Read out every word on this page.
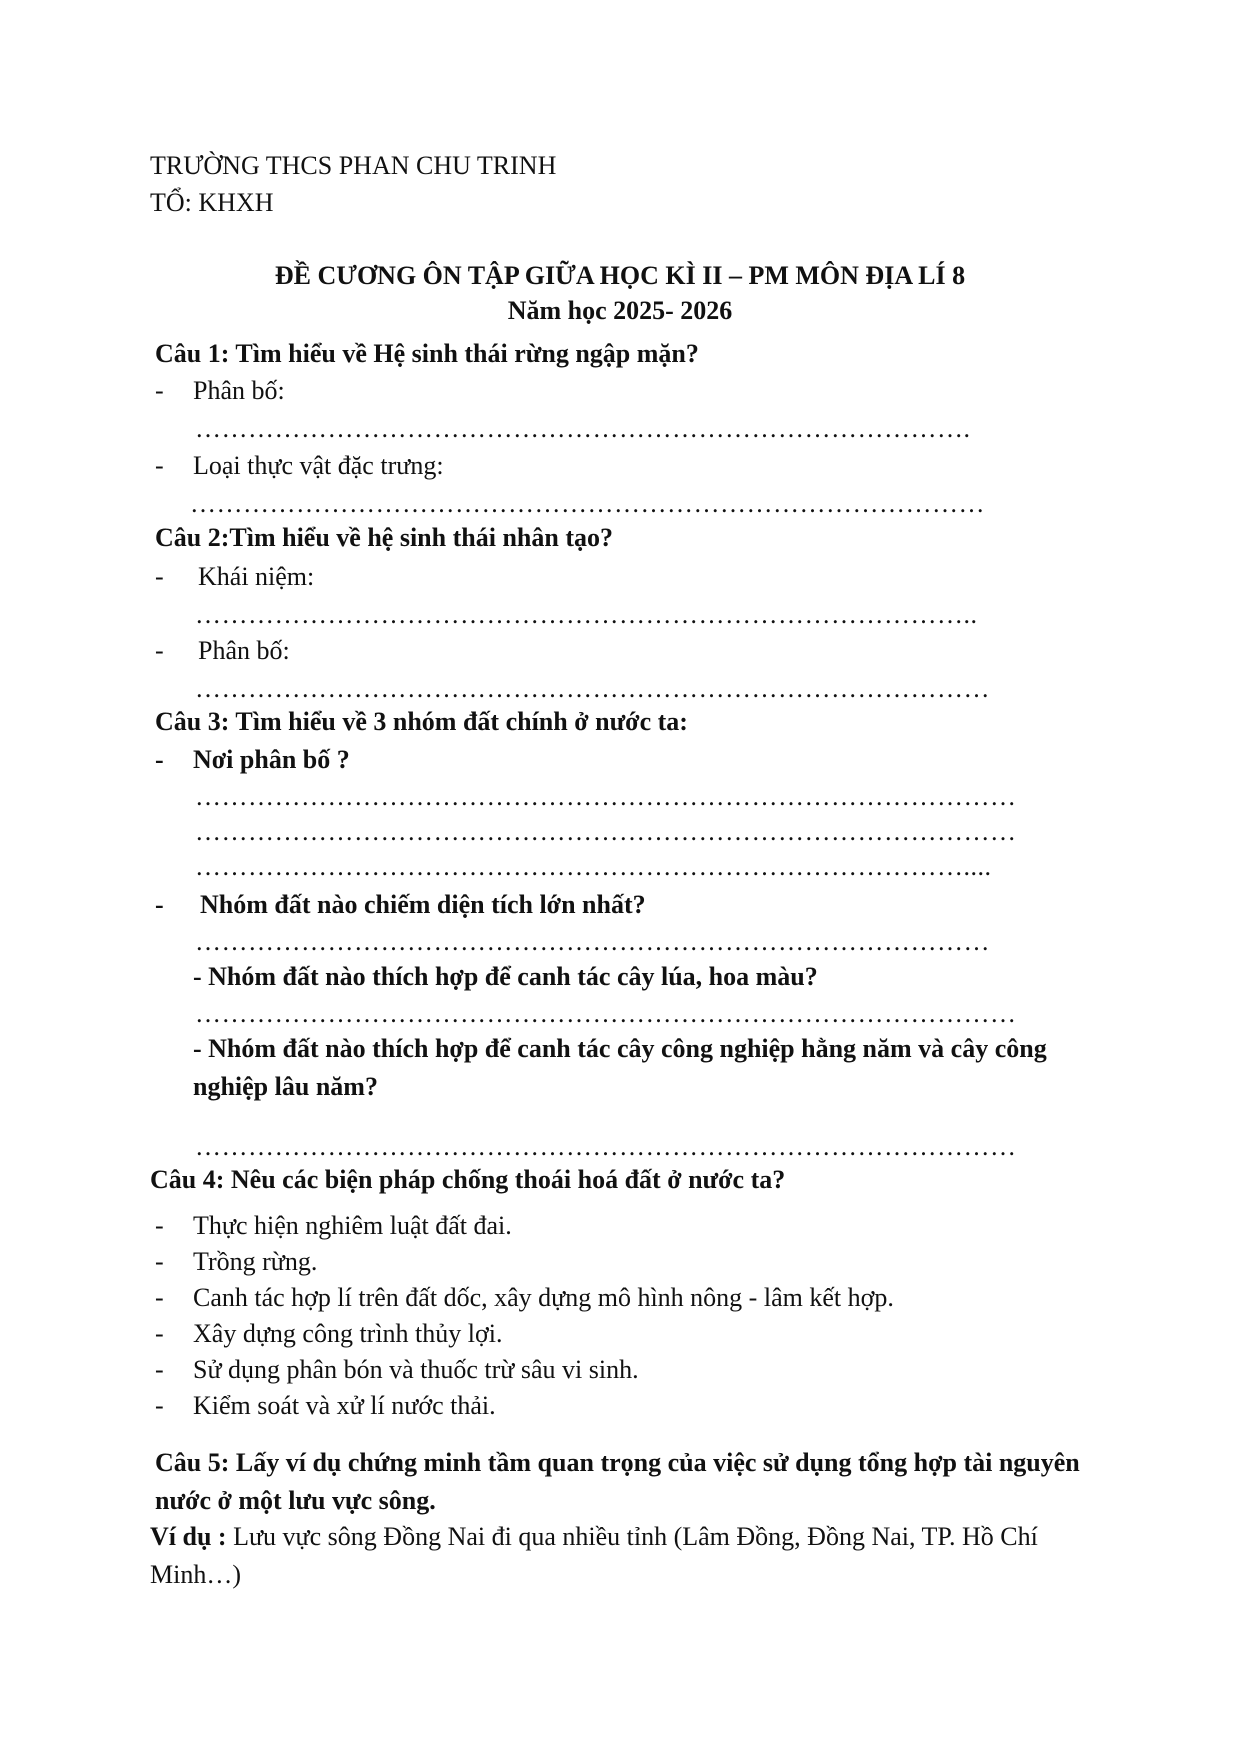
TRƯỜNG THCS PHAN CHU TRINH
TỔ: KHXH
ĐỀ CƯƠNG ÔN TẬP GIỮA HỌC KÌ II – PM MÔN ĐỊA LÍ 8
Năm học 2025- 2026
Câu 1: Tìm hiểu về Hệ sinh thái rừng ngập mặn?
- Phân bố:
…………………………………………………………………………….
- Loại thực vật đặc trưng:
………………………………………………………………………………
Câu 2:Tìm hiểu về hệ sinh thái nhân tạo?
- Khái niệm:
……………………………………………………………………………..
- Phân bố:
………………………………………………………………………………
Câu 3: Tìm hiểu về 3 nhóm đất chính ở nước ta:
- Nơi phân bố ?
…………………………………………………………………………………
…………………………………………………………………………………
……………………………………………………………………………....
- Nhóm đất nào chiếm diện tích lớn nhất?
………………………………………………………………………………
- Nhóm đất nào thích hợp để canh tác cây lúa, hoa màu?
…………………………………………………………………………………
- Nhóm đất nào thích hợp để canh tác cây công nghiệp hằng năm và cây công nghiệp lâu năm?
…………………………………………………………………………………
Câu 4: Nêu các biện pháp chống thoái hoá đất ở nước ta?
- Thực hiện nghiêm luật đất đai.
- Trồng rừng.
- Canh tác hợp lí trên đất dốc, xây dựng mô hình nông - lâm kết hợp.
- Xây dựng công trình thủy lợi.
- Sử dụng phân bón và thuốc trừ sâu vi sinh.
- Kiểm soát và xử lí nước thải.
Câu 5: Lấy ví dụ chứng minh tầm quan trọng của việc sử dụng tổng hợp tài nguyên nước ở một lưu vực sông.
Ví dụ : Lưu vực sông Đồng Nai đi qua nhiều tỉnh (Lâm Đồng, Đồng Nai, TP. Hồ Chí Minh…)
